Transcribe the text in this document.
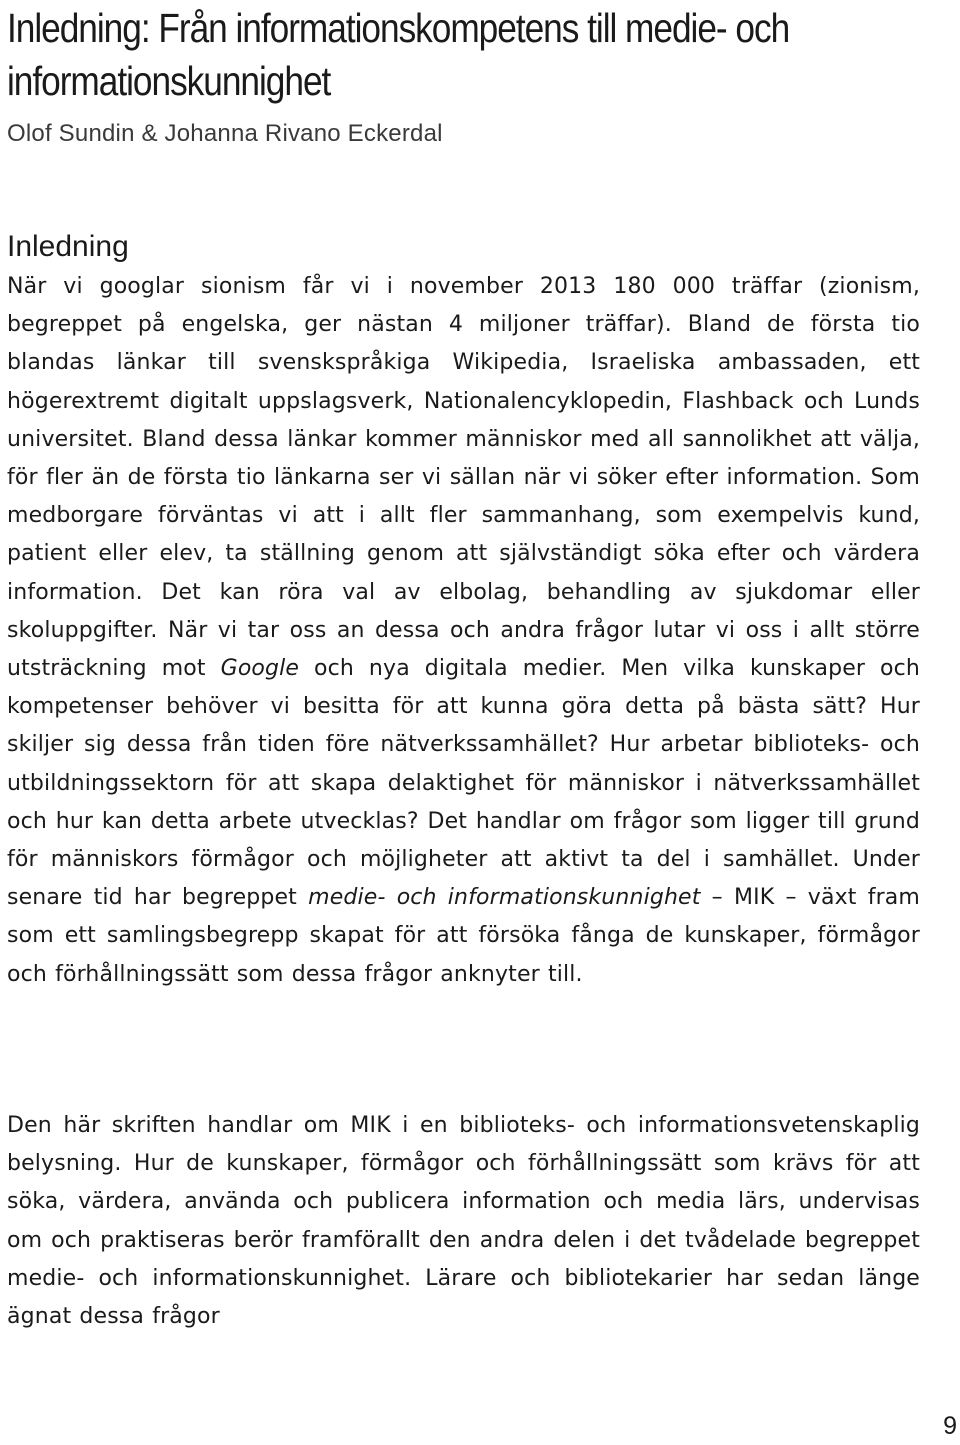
Inledning: Från informationskompetens till medie- och informationskunnighet

Olof Sundin & Johanna Rivano Eckerdal

Inledning

När vi googlar sionism får vi i november 2013 180 000 träffar (zionism, begreppet på engelska, ger nästan 4 miljoner träffar). Bland de första tio blandas länkar till svenskspråkiga Wikipedia, Israeliska ambassaden, ett högerextremt digitalt uppslagsverk, Nationalencyklopedin, Flashback och Lunds universitet. Bland dessa länkar kommer människor med all sannolikhet att välja, för fler än de första tio länkarna ser vi sällan när vi söker efter information. Som medborgare förväntas vi att i allt fler sammanhang, som exempelvis kund, patient eller elev, ta ställning genom att självständigt söka efter och värdera information. Det kan röra val av elbolag, behandling av sjukdomar eller skoluppgifter. När vi tar oss an dessa och andra frågor lutar vi oss i allt större utsträckning mot Google och nya digitala medier. Men vilka kunskaper och kompetenser behöver vi besitta för att kunna göra detta på bästa sätt? Hur skiljer sig dessa från tiden före nätverkssamhället? Hur arbetar biblioteks- och utbildningssektorn för att skapa delaktighet för människor i nätverkssamhället och hur kan detta arbete utvecklas? Det handlar om frågor som ligger till grund för människors förmågor och möjligheter att aktivt ta del i samhället. Under senare tid har begreppet medie- och informationskunnighet – MIK – växt fram som ett samlingsbegrepp skapat för att försöka fånga de kunskaper, förmågor och förhållningssätt som dessa frågor anknyter till.

Den här skriften handlar om MIK i en biblioteks- och informationsvetenskaplig belysning. Hur de kunskaper, förmågor och förhållningssätt som krävs för att söka, värdera, använda och publicera information och media lärs, undervisas om och praktiseras berör framförallt den andra delen i det tvådelade begreppet medie- och informationskunnighet. Lärare och bibliotekarier har sedan länge ägnat dessa frågor

9
